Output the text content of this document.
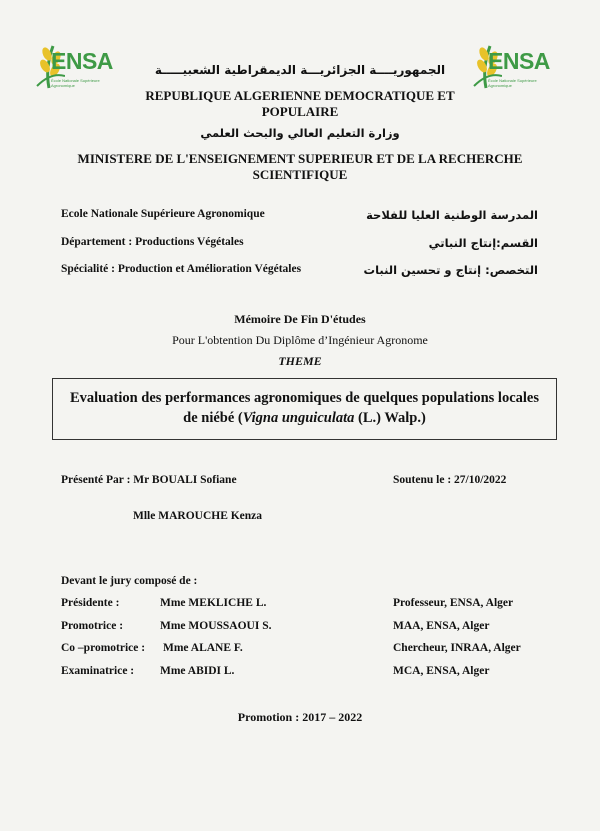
ENSA
École Nationale Supérieure Agronomique
ENSA
École Nationale Supérieure Agronomique
الجمهوريــــة الجزائريـــة الديمقراطية الشعبيـــــة
REPUBLIQUE ALGERIENNE DEMOCRATIQUE ET
POPULAIRE
وزارة التعليم العالي والبحث العلمي
MINISTERE DE L'ENSEIGNEMENT SUPERIEUR ET DE LA RECHERCHE
SCIENTIFIQUE
Ecole Nationale Supérieure Agronomique	المدرسة الوطنية العليا للفلاحة
Département : Productions Végétales	القسم:إنتاج النباتي
Spécialité : Production et Amélioration Végétales	التخصص: إنتاج و تحسين النبات
Mémoire De Fin D'études
Pour L'obtention Du Diplôme d’Ingénieur Agronome
THEME
Evaluation des performances agronomiques de quelques populations locales
de niébé (Vigna unguiculata (L.) Walp.)
Présenté Par : Mr BOUALI Sofiane	Soutenu le : 27/10/2022
Mlle MAROUCHE Kenza
Devant le jury composé de :
Présidente :	Mme MEKLICHE L.	Professeur, ENSA, Alger
Promotrice :	Mme MOUSSAOUI S.	MAA, ENSA, Alger
Co –promotrice : Mme ALANE F.	Chercheur, INRAA, Alger
Examinatrice : Mme ABIDI L.	MCA, ENSA, Alger
Promotion : 2017 – 2022
